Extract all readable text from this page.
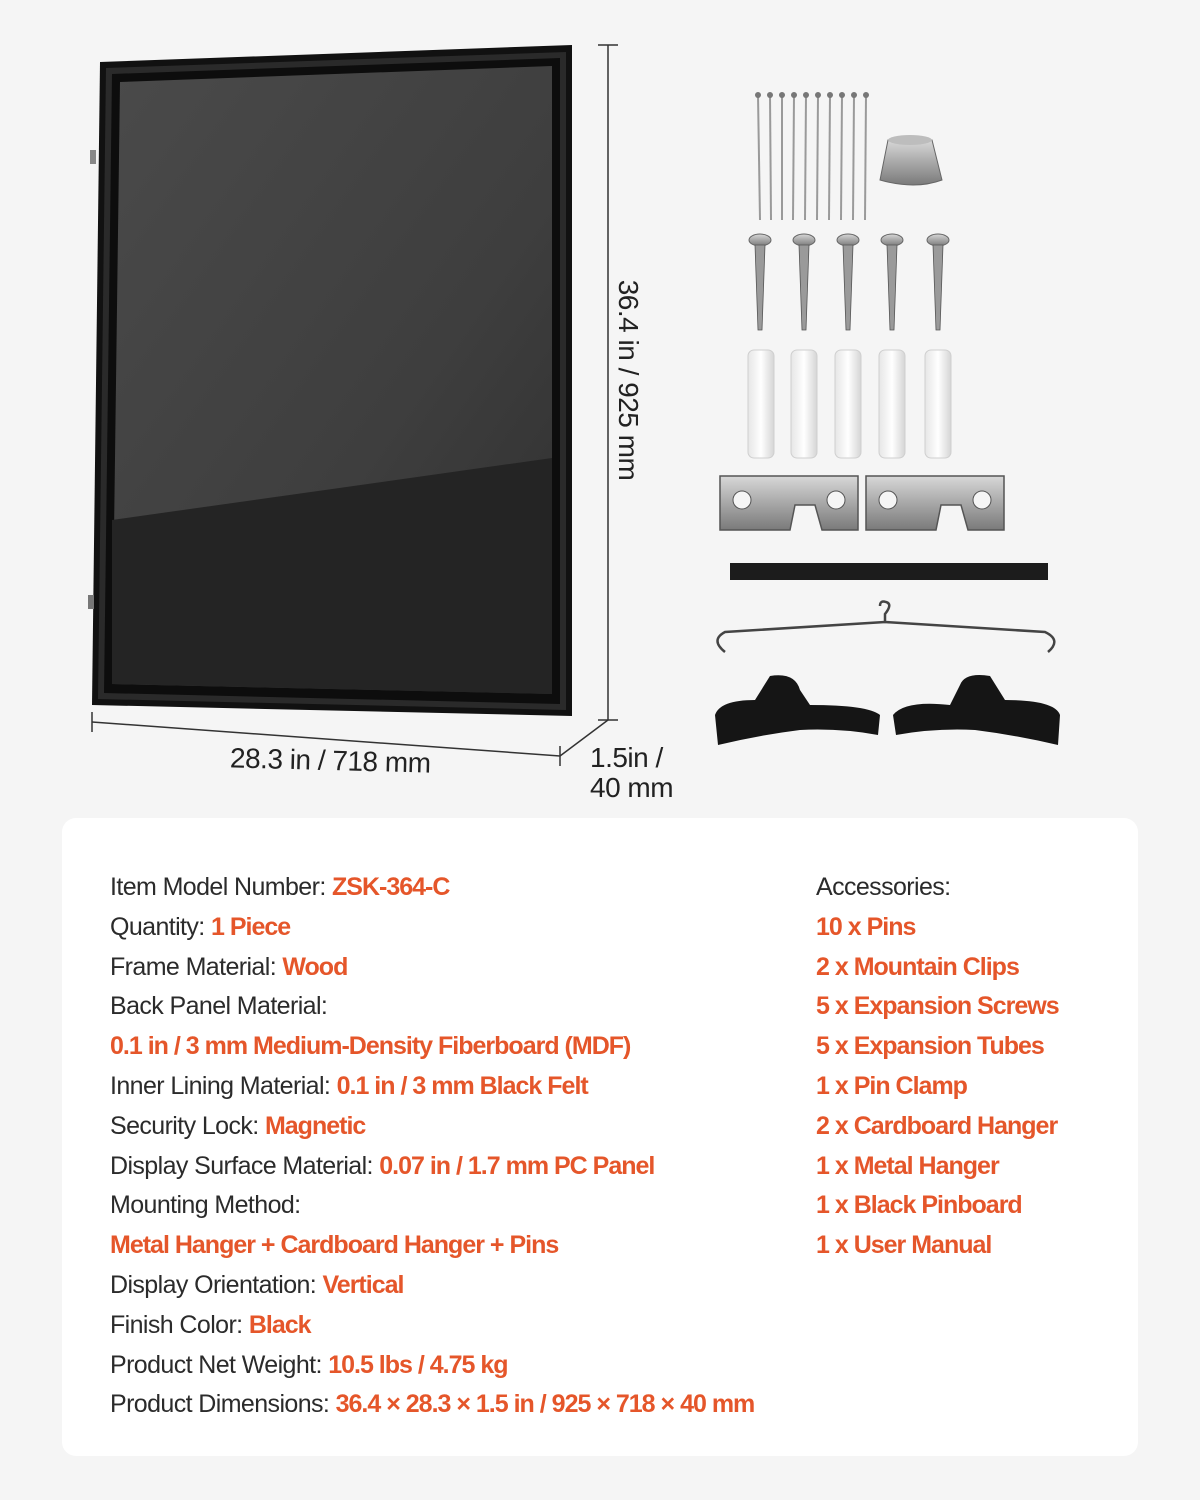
28.3 in / 718 mm
36.4 in / 925 mm
1.5in /
40 mm
Item Model Number: ZSK-364-C
Quantity: 1 Piece
Frame Material: Wood
Back Panel Material:
0.1 in / 3 mm Medium-Density Fiberboard (MDF)
Inner Lining Material: 0.1 in / 3 mm Black Felt
Security Lock: Magnetic
Display Surface Material: 0.07 in / 1.7 mm PC Panel
Mounting Method:
Metal Hanger + Cardboard Hanger + Pins
Display Orientation: Vertical
Finish Color: Black
Product Net Weight: 10.5 lbs / 4.75 kg
Product Dimensions: 36.4 × 28.3 × 1.5 in / 925 × 718 × 40 mm
Accessories:
10 x Pins
2 x Mountain Clips
5 x Expansion Screws
5 x Expansion Tubes
1 x Pin Clamp
2 x Cardboard Hanger
1 x Metal Hanger
1 x Black Pinboard
1 x User Manual
